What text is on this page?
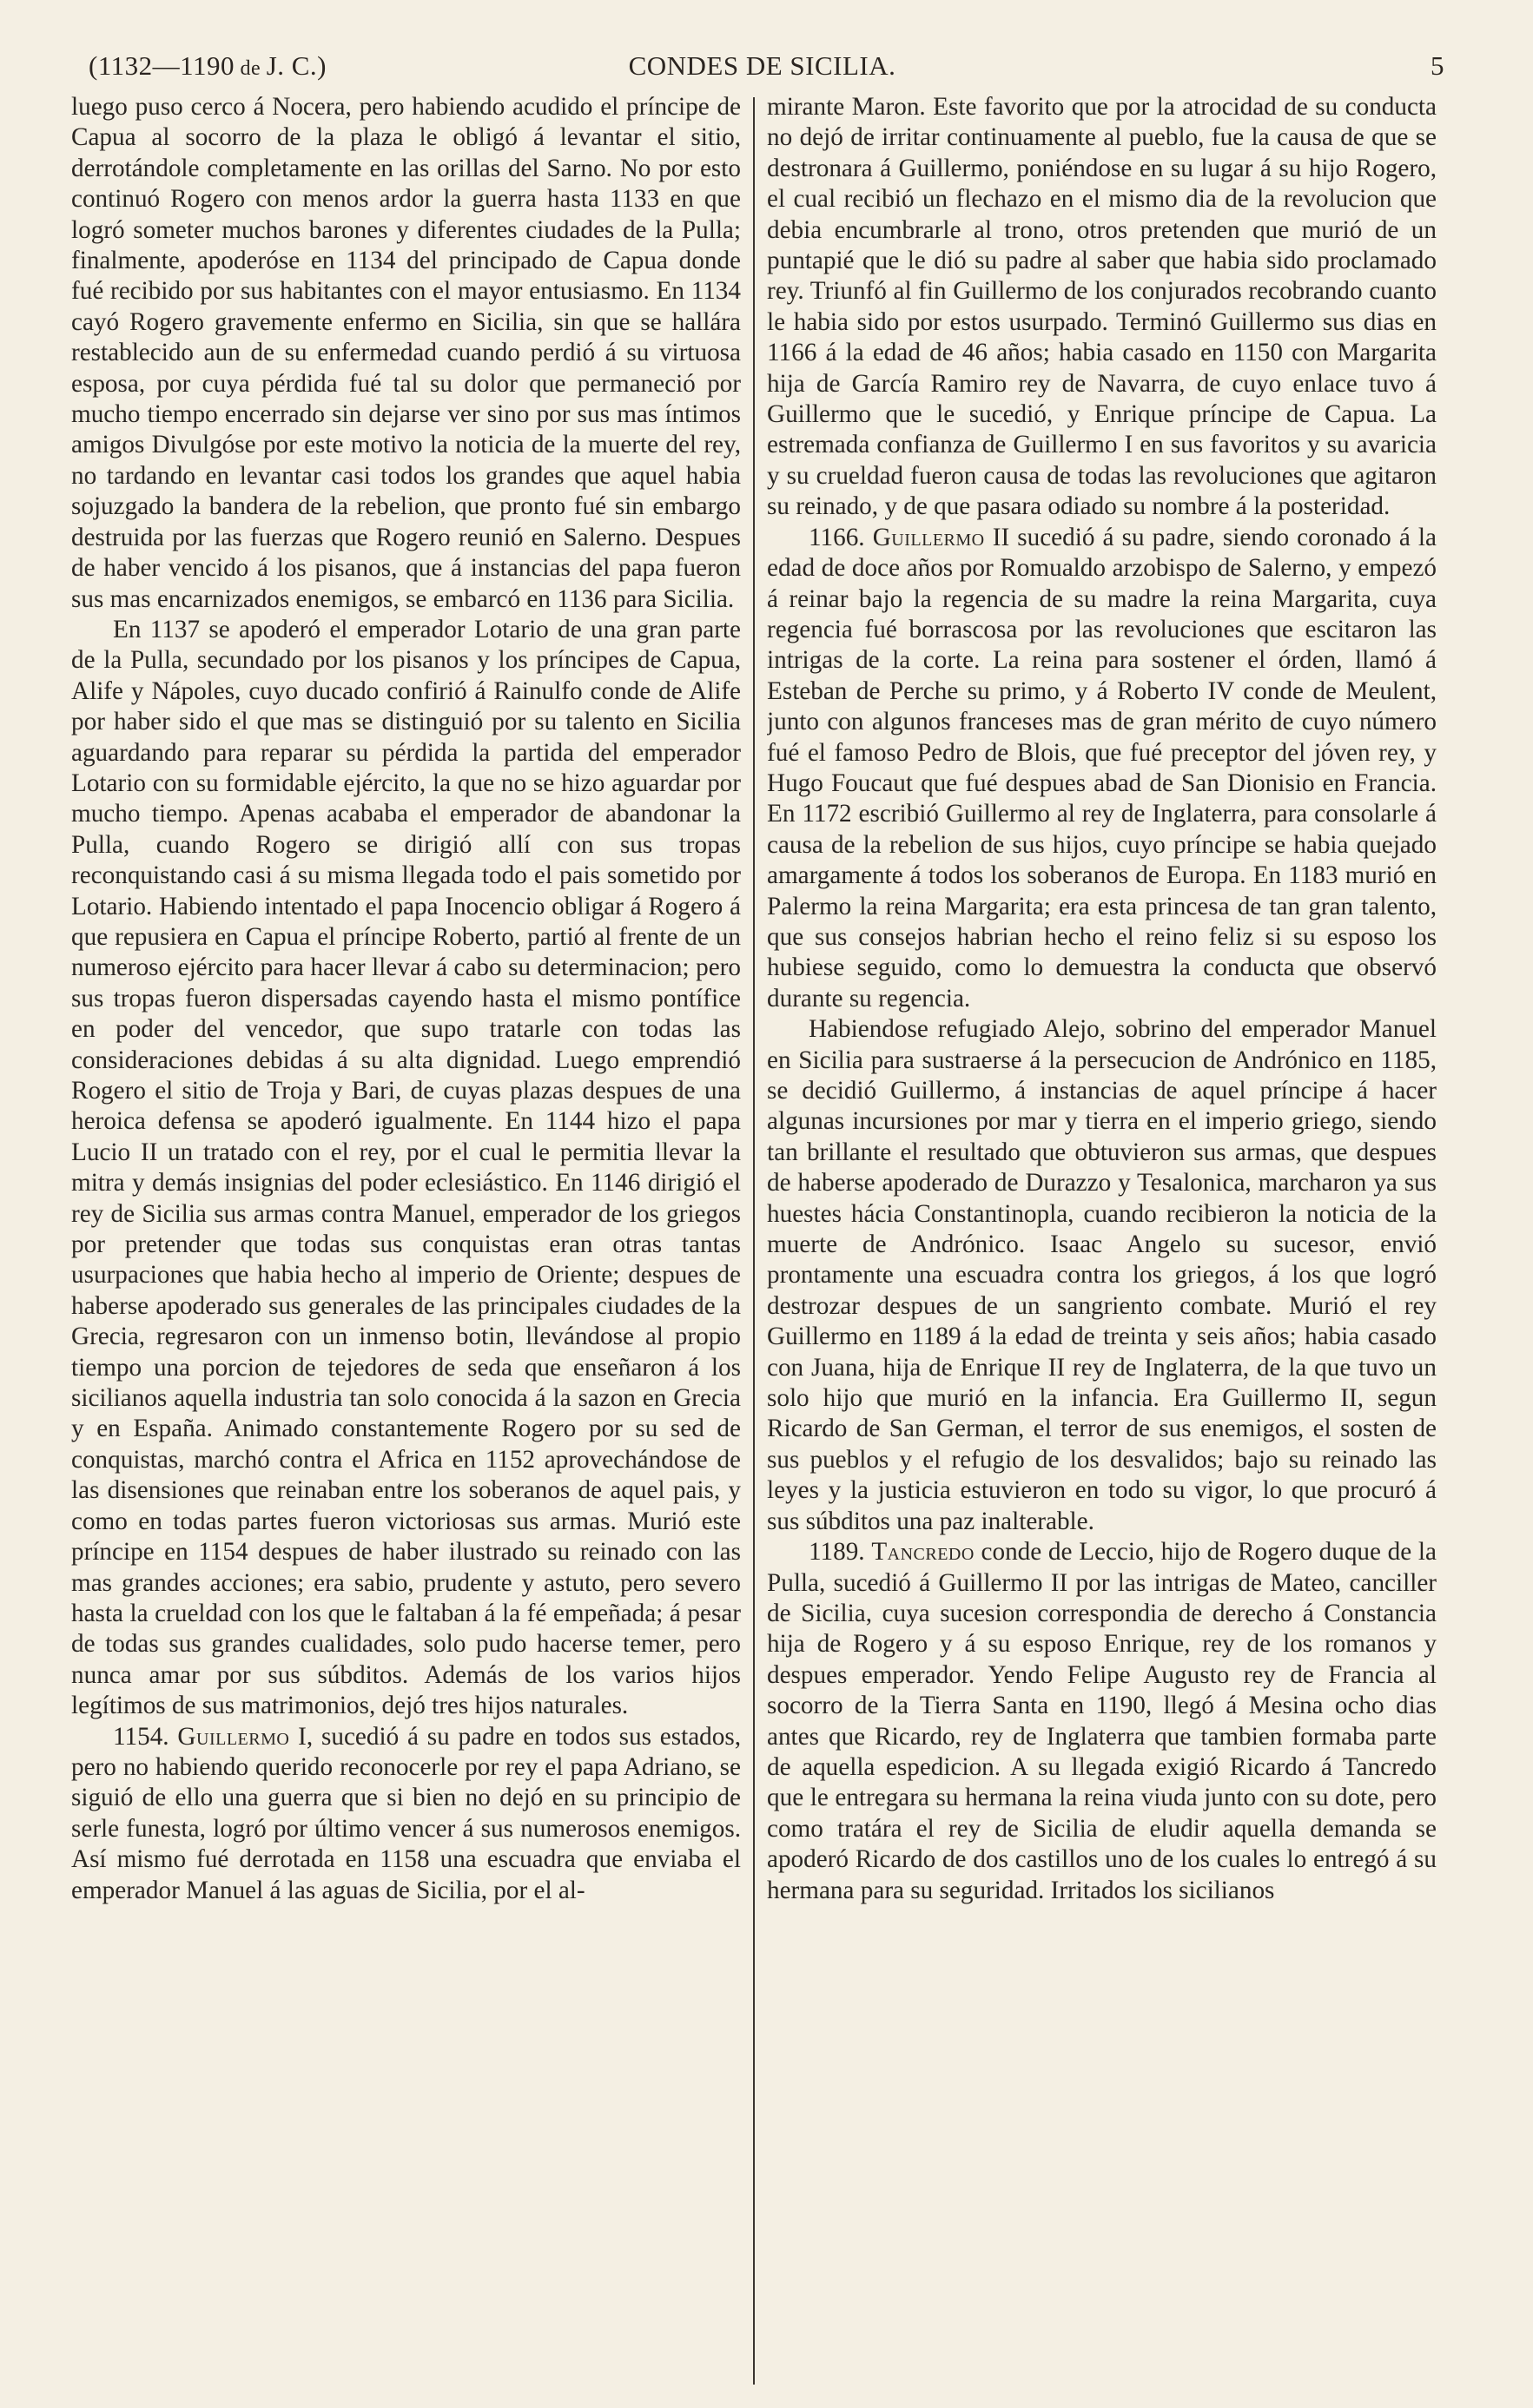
(1132—1190 de J. C.)	CONDES DE SICILIA.	5

luego puso cerco á Nocera, pero habiendo acudido el príncipe de Capua al socorro de la plaza le obligó á levantar el sitio, derrotándole completamente en las orillas del Sarno. No por esto continuó Rogero con menos ardor la guerra hasta 1133 en que logró someter muchos barones y diferentes ciudades de la Pulla; finalmente, apoderóse en 1134 del principado de Capua donde fué recibido por sus habitantes con el mayor entusiasmo. En 1134 cayó Rogero gravemente enfermo en Sicilia, sin que se hallára restablecido aun de su enfermedad cuando perdió á su virtuosa esposa, por cuya pérdida fué tal su dolor que permaneció por mucho tiempo encerrado sin dejarse ver sino por sus mas íntimos amigos Divulgóse por este motivo la noticia de la muerte del rey, no tardando en levantar casi todos los grandes que aquel habia sojuzgado la bandera de la rebelion, que pronto fué sin embargo destruida por las fuerzas que Rogero reunió en Salerno. Despues de haber vencido á los pisanos, que á instancias del papa fueron sus mas encarnizados enemigos, se embarcó en 1136 para Sicilia.

En 1137 se apoderó el emperador Lotario de una gran parte de la Pulla, secundado por los pisanos y los príncipes de Capua, Alife y Nápoles, cuyo ducado confirió á Rainulfo conde de Alife por haber sido el que mas se distinguió por su talento en Sicilia aguardando para reparar su pérdida la partida del emperador Lotario con su formidable ejército, la que no se hizo aguardar por mucho tiempo. Apenas acababa el emperador de abandonar la Pulla, cuando Rogero se dirigió allí con sus tropas reconquistando casi á su misma llegada todo el pais sometido por Lotario. Habiendo intentado el papa Inocencio obligar á Rogero á que repusiera en Capua el príncipe Roberto, partió al frente de un numeroso ejército para hacer llevar á cabo su determinacion; pero sus tropas fueron dispersadas cayendo hasta el mismo pontífice en poder del vencedor, que supo tratarle con todas las consideraciones debidas á su alta dignidad. Luego emprendió Rogero el sitio de Troja y Bari, de cuyas plazas despues de una heroica defensa se apoderó igualmente. En 1144 hizo el papa Lucio II un tratado con el rey, por el cual le permitia llevar la mitra y demás insignias del poder eclesiástico. En 1146 dirigió el rey de Sicilia sus armas contra Manuel, emperador de los griegos por pretender que todas sus conquistas eran otras tantas usurpaciones que habia hecho al imperio de Oriente; despues de haberse apoderado sus generales de las principales ciudades de la Grecia, regresaron con un inmenso botin, llevándose al propio tiempo una porcion de tejedores de seda que enseñaron á los sicilianos aquella industria tan solo conocida á la sazon en Grecia y en España. Animado constantemente Rogero por su sed de conquistas, marchó contra el Africa en 1152 aprovechándose de las disensiones que reinaban entre los soberanos de aquel pais, y como en todas partes fueron victoriosas sus armas. Murió este príncipe en 1154 despues de haber ilustrado su reinado con las mas grandes acciones; era sabio, prudente y astuto, pero severo hasta la crueldad con los que le faltaban á la fé empeñada; á pesar de todas sus grandes cualidades, solo pudo hacerse temer, pero nunca amar por sus súbditos. Además de los varios hijos legítimos de sus matrimonios, dejó tres hijos naturales.

1154. Guillermo I, sucedió á su padre en todos sus estados, pero no habiendo querido reconocerle por rey el papa Adriano, se siguió de ello una guerra que si bien no dejó en su principio de serle funesta, logró por último vencer á sus numerosos enemigos. Así mismo fué derrotada en 1158 una escuadra que enviaba el emperador Manuel á las aguas de Sicilia, por el al-

mirante Maron. Este favorito que por la atrocidad de su conducta no dejó de irritar continuamente al pueblo, fue la causa de que se destronara á Guillermo, poniéndose en su lugar á su hijo Rogero, el cual recibió un flechazo en el mismo dia de la revolucion que debia encumbrarle al trono, otros pretenden que murió de un puntapié que le dió su padre al saber que habia sido proclamado rey. Triunfó al fin Guillermo de los conjurados recobrando cuanto le habia sido por estos usurpado. Terminó Guillermo sus dias en 1166 á la edad de 46 años; habia casado en 1150 con Margarita hija de García Ramiro rey de Navarra, de cuyo enlace tuvo á Guillermo que le sucedió, y Enrique príncipe de Capua. La estremada confianza de Guillermo I en sus favoritos y su avaricia y su crueldad fueron causa de todas las revoluciones que agitaron su reinado, y de que pasara odiado su nombre á la posteridad.

1166. Guillermo II sucedió á su padre, siendo coronado á la edad de doce años por Romualdo arzobispo de Salerno, y empezó á reinar bajo la regencia de su madre la reina Margarita, cuya regencia fué borrascosa por las revoluciones que escitaron las intrigas de la corte. La reina para sostener el órden, llamó á Esteban de Perche su primo, y á Roberto IV conde de Meulent, junto con algunos franceses mas de gran mérito de cuyo número fué el famoso Pedro de Blois, que fué preceptor del jóven rey, y Hugo Foucaut que fué despues abad de San Dionisio en Francia. En 1172 escribió Guillermo al rey de Inglaterra, para consolarle á causa de la rebelion de sus hijos, cuyo príncipe se habia quejado amargamente á todos los soberanos de Europa. En 1183 murió en Palermo la reina Margarita; era esta princesa de tan gran talento, que sus consejos habrian hecho el reino feliz si su esposo los hubiese seguido, como lo demuestra la conducta que observó durante su regencia.

Habiendose refugiado Alejo, sobrino del emperador Manuel en Sicilia para sustraerse á la persecucion de Andrónico en 1185, se decidió Guillermo, á instancias de aquel príncipe á hacer algunas incursiones por mar y tierra en el imperio griego, siendo tan brillante el resultado que obtuvieron sus armas, que despues de haberse apoderado de Durazzo y Tesalonica, marcharon ya sus huestes hácia Constantinopla, cuando recibieron la noticia de la muerte de Andrónico. Isaac Angelo su sucesor, envió prontamente una escuadra contra los griegos, á los que logró destrozar despues de un sangriento combate. Murió el rey Guillermo en 1189 á la edad de treinta y seis años; habia casado con Juana, hija de Enrique II rey de Inglaterra, de la que tuvo un solo hijo que murió en la infancia. Era Guillermo II, segun Ricardo de San German, el terror de sus enemigos, el sosten de sus pueblos y el refugio de los desvalidos; bajo su reinado las leyes y la justicia estuvieron en todo su vigor, lo que procuró á sus súbditos una paz inalterable.

1189. Tancredo conde de Leccio, hijo de Rogero duque de la Pulla, sucedió á Guillermo II por las intrigas de Mateo, canciller de Sicilia, cuya sucesion correspondia de derecho á Constancia hija de Rogero y á su esposo Enrique, rey de los romanos y despues emperador. Yendo Felipe Augusto rey de Francia al socorro de la Tierra Santa en 1190, llegó á Mesina ocho dias antes que Ricardo, rey de Inglaterra que tambien formaba parte de aquella espedicion. A su llegada exigió Ricardo á Tancredo que le entregara su hermana la reina viuda junto con su dote, pero como tratára el rey de Sicilia de eludir aquella demanda se apoderó Ricardo de dos castillos uno de los cuales lo entregó á su hermana para su seguridad. Irritados los sicilianos
